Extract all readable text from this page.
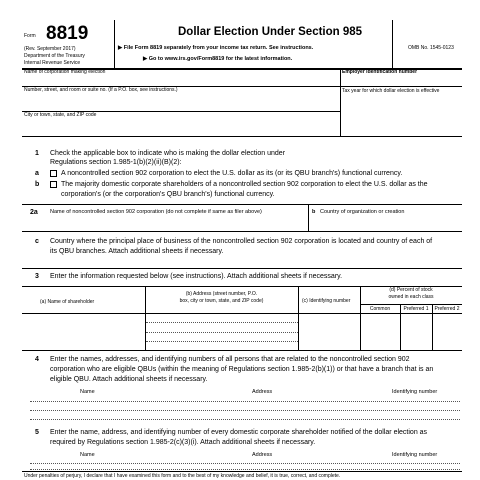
Form 8819
(Rev. September 2017)
Department of the Treasury
Internal Revenue Service
Dollar Election Under Section 985
▶ File Form 8819 separately from your income tax return. See instructions.
▶ Go to www.irs.gov/Form8819 for the latest information.
OMB No. 1545-0123
Name of corporation making election	Employer identification number
Number, street, and room or suite no. (If a P.O. box, see instructions.)	Tax year for which dollar election is effective
City or town, state, and ZIP code
1 Check the applicable box to indicate who is making the dollar election under
Regulations section 1.985-1(b)(2)(ii)(B)(2):
a	A noncontrolled section 902 corporation to elect the U.S. dollar as its (or its QBU branch's) functional currency.
b	The majority domestic corporate shareholders of a noncontrolled section 902 corporation to elect the U.S. dollar as the
corporation's (or the corporation's QBU branch's) functional currency.
2a Name of noncontrolled section 902 corporation (do not complete if same as filer above)	b Country of organization or creation
c Country where the principal place of business of the noncontrolled section 902 corporation is located and country of each of
its QBU branches. Attach additional sheets if necessary.
3 Enter the information requested below (see instructions). Attach additional sheets if necessary.
(a) Name of shareholder
(b) Address (street number, P.O.
box, city or town, state, and ZIP code)	(c) Identifying number
(d) Percent of stock
owned in each class
Common	Preferred 1	Preferred 2
4 Enter the names, addresses, and identifying numbers of all persons that are related to the noncontrolled section 902
corporation who are eligible QBUs (within the meaning of Regulations section 1.985-2(b)(1)) or that have a branch that is an
eligible QBU. Attach additional sheets if necessary.
Name	Address	Identifying number
5 Enter the name, address, and identifying number of every domestic corporate shareholder notified of the dollar election as
required by Regulations section 1.985-2(c)(3)(i). Attach additional sheets if necessary.
Name	Address	Identifying number
Under penalties of perjury, I declare that I have examined this form and to the best of my knowledge and belief, it is true, correct, and complete.
